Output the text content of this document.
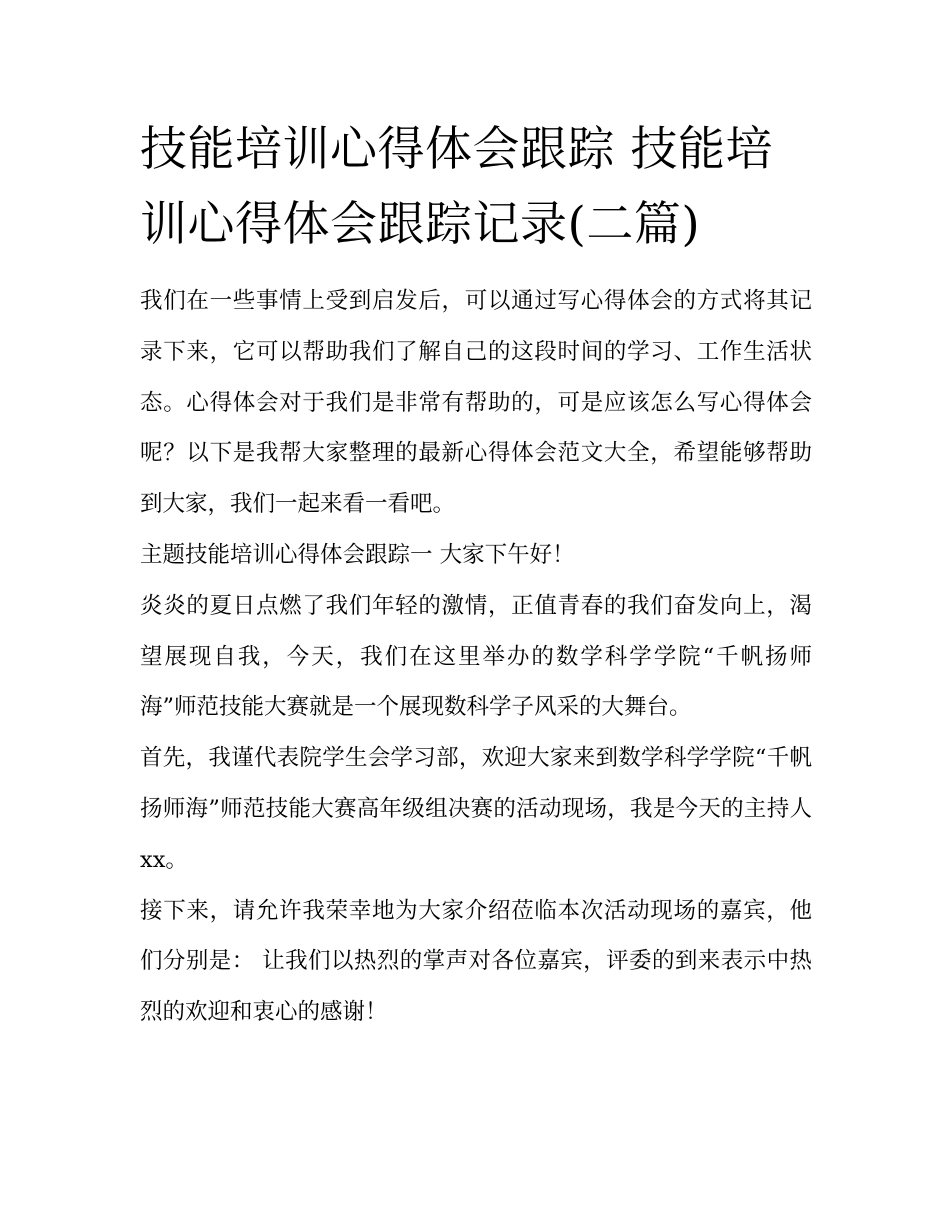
技能培训心得体会跟踪 技能培训心得体会跟踪记录(二篇)

我们在一些事情上受到启发后，可以通过写心得体会的方式将其记录下来，它可以帮助我们了解自己的这段时间的学习、工作生活状态。心得体会对于我们是非常有帮助的，可是应该怎么写心得体会呢？以下是我帮大家整理的最新心得体会范文大全，希望能够帮助到大家，我们一起来看一看吧。

主题技能培训心得体会跟踪一 大家下午好！

炎炎的夏日点燃了我们年轻的激情，正值青春的我们奋发向上，渴望展现自我，今天，我们在这里举办的数学科学学院“千帆扬师海”师范技能大赛就是一个展现数科学子风采的大舞台。

首先，我谨代表院学生会学习部，欢迎大家来到数学科学学院“千帆扬师海”师范技能大赛高年级组决赛的活动现场，我是今天的主持人xx。

接下来，请允许我荣幸地为大家介绍莅临本次活动现场的嘉宾，他们分别是： 让我们以热烈的掌声对各位嘉宾，评委的到来表示中热烈的欢迎和衷心的感谢！
